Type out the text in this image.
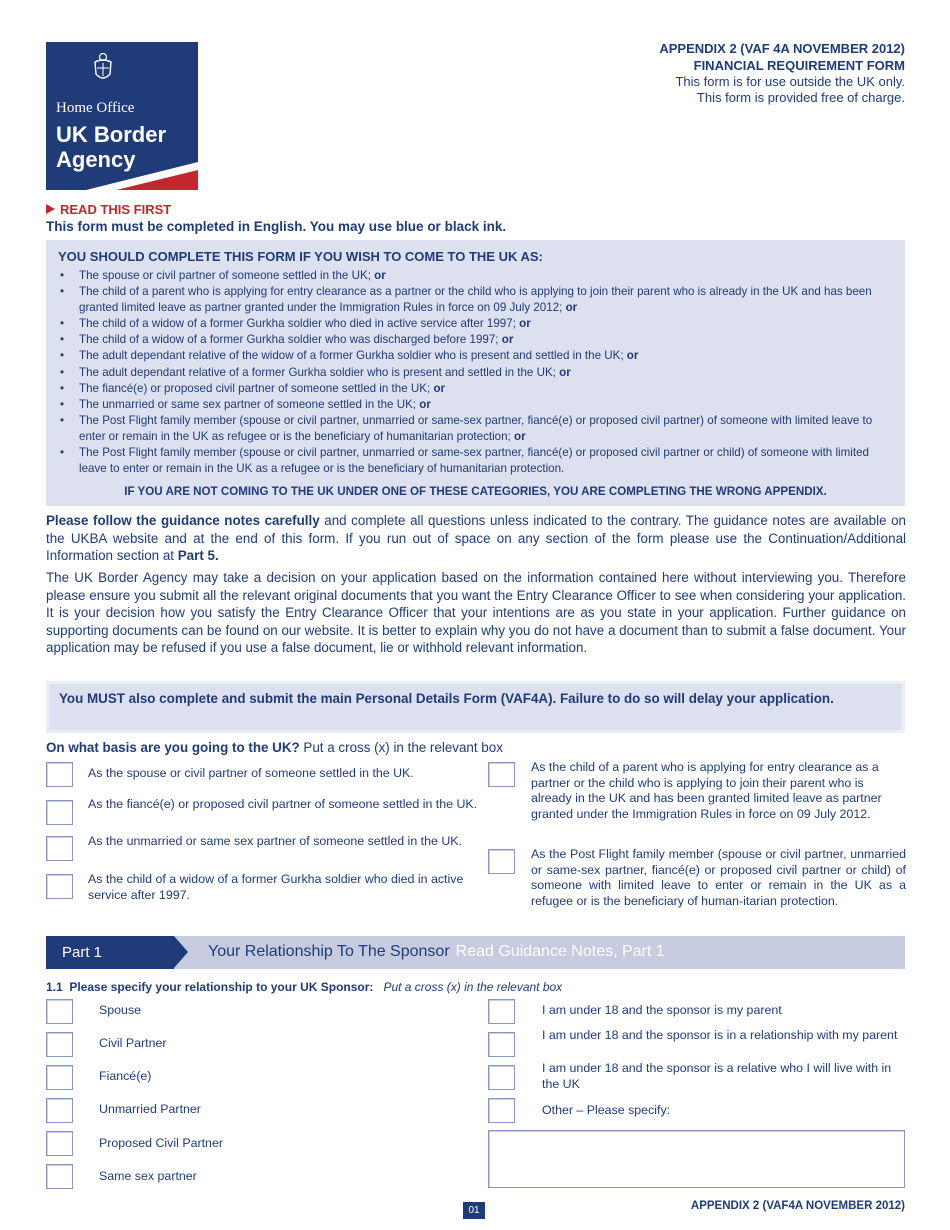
Home Office
UK Border
Agency
APPENDIX 2 (VAF 4A NOVEMBER 2012)
FINANCIAL REQUIREMENT FORM
This form is for use outside the UK only.
This form is provided free of charge.
READ THIS FIRST
This form must be completed in English. You may use blue or black ink.
YOU SHOULD COMPLETE THIS FORM IF YOU WISH TO COME TO THE UK AS:
• The spouse or civil partner of someone settled in the UK; or
• The child of a parent who is applying for entry clearance as a partner or the child who is applying to join their parent who is already in the UK and has been granted limited leave as partner granted under the Immigration Rules in force on 09 July 2012; or
• The child of a widow of a former Gurkha soldier who died in active service after 1997; or
• The child of a widow of a former Gurkha soldier who was discharged before 1997; or
• The adult dependant relative of the widow of a former Gurkha soldier who is present and settled in the UK; or
• The adult dependant relative of a former Gurkha soldier who is present and settled in the UK; or
• The fiancé(e) or proposed civil partner of someone settled in the UK; or
• The unmarried or same sex partner of someone settled in the UK; or
• The Post Flight family member (spouse or civil partner, unmarried or same-sex partner, fiancé(e) or proposed civil partner) of someone with limited leave to enter or remain in the UK as refugee or is the beneficiary of humanitarian protection; or
• The Post Flight family member (spouse or civil partner, unmarried or same-sex partner, fiancé(e) or proposed civil partner or child) of someone with limited leave to enter or remain in the UK as a refugee or is the beneficiary of humanitarian protection.
IF YOU ARE NOT COMING TO THE UK UNDER ONE OF THESE CATEGORIES, YOU ARE COMPLETING THE WRONG APPENDIX.
Please follow the guidance notes carefully and complete all questions unless indicated to the contrary. The guidance notes are available on the UKBA website and at the end of this form. If you run out of space on any section of the form please use the Continuation/Additional Information section at Part 5.
The UK Border Agency may take a decision on your application based on the information contained here without interviewing you. Therefore please ensure you submit all the relevant original documents that you want the Entry Clearance Officer to see when considering your application. It is your decision how you satisfy the Entry Clearance Officer that your intentions are as you state in your application. Further guidance on supporting documents can be found on our website. It is better to explain why you do not have a document than to submit a false document. Your application may be refused if you use a false document, lie or withhold relevant information.
You MUST also complete and submit the main Personal Details Form (VAF4A). Failure to do so will delay your application.
On what basis are you going to the UK? Put a cross (x) in the relevant box
As the spouse or civil partner of someone settled in the UK.
As the fiancé(e) or proposed civil partner of someone settled in the UK.
As the unmarried or same sex partner of someone settled in the UK.
As the child of a widow of a former Gurkha soldier who died in active service after 1997.
As the child of a parent who is applying for entry clearance as a partner or the child who is applying to join their parent who is already in the UK and has been granted limited leave as partner granted under the Immigration Rules in force on 09 July 2012.
As the Post Flight family member (spouse or civil partner, unmarried or same-sex partner, fiancé(e) or proposed civil partner or child) of someone with limited leave to enter or remain in the UK as a refugee or is the beneficiary of human-itarian protection.
Part 1	Your Relationship To The Sponsor Read Guidance Notes, Part 1
1.1 Please specify your relationship to your UK Sponsor: Put a cross (x) in the relevant box
Spouse
Civil Partner
Fiancé(e)
Unmarried Partner
Proposed Civil Partner
Same sex partner
I am under 18 and the sponsor is my parent
I am under 18 and the sponsor is in a relationship with my parent
I am under 18 and the sponsor is a relative who I will live with in the UK
Other – Please specify:
01	APPENDIX 2 (VAF4A NOVEMBER 2012)
